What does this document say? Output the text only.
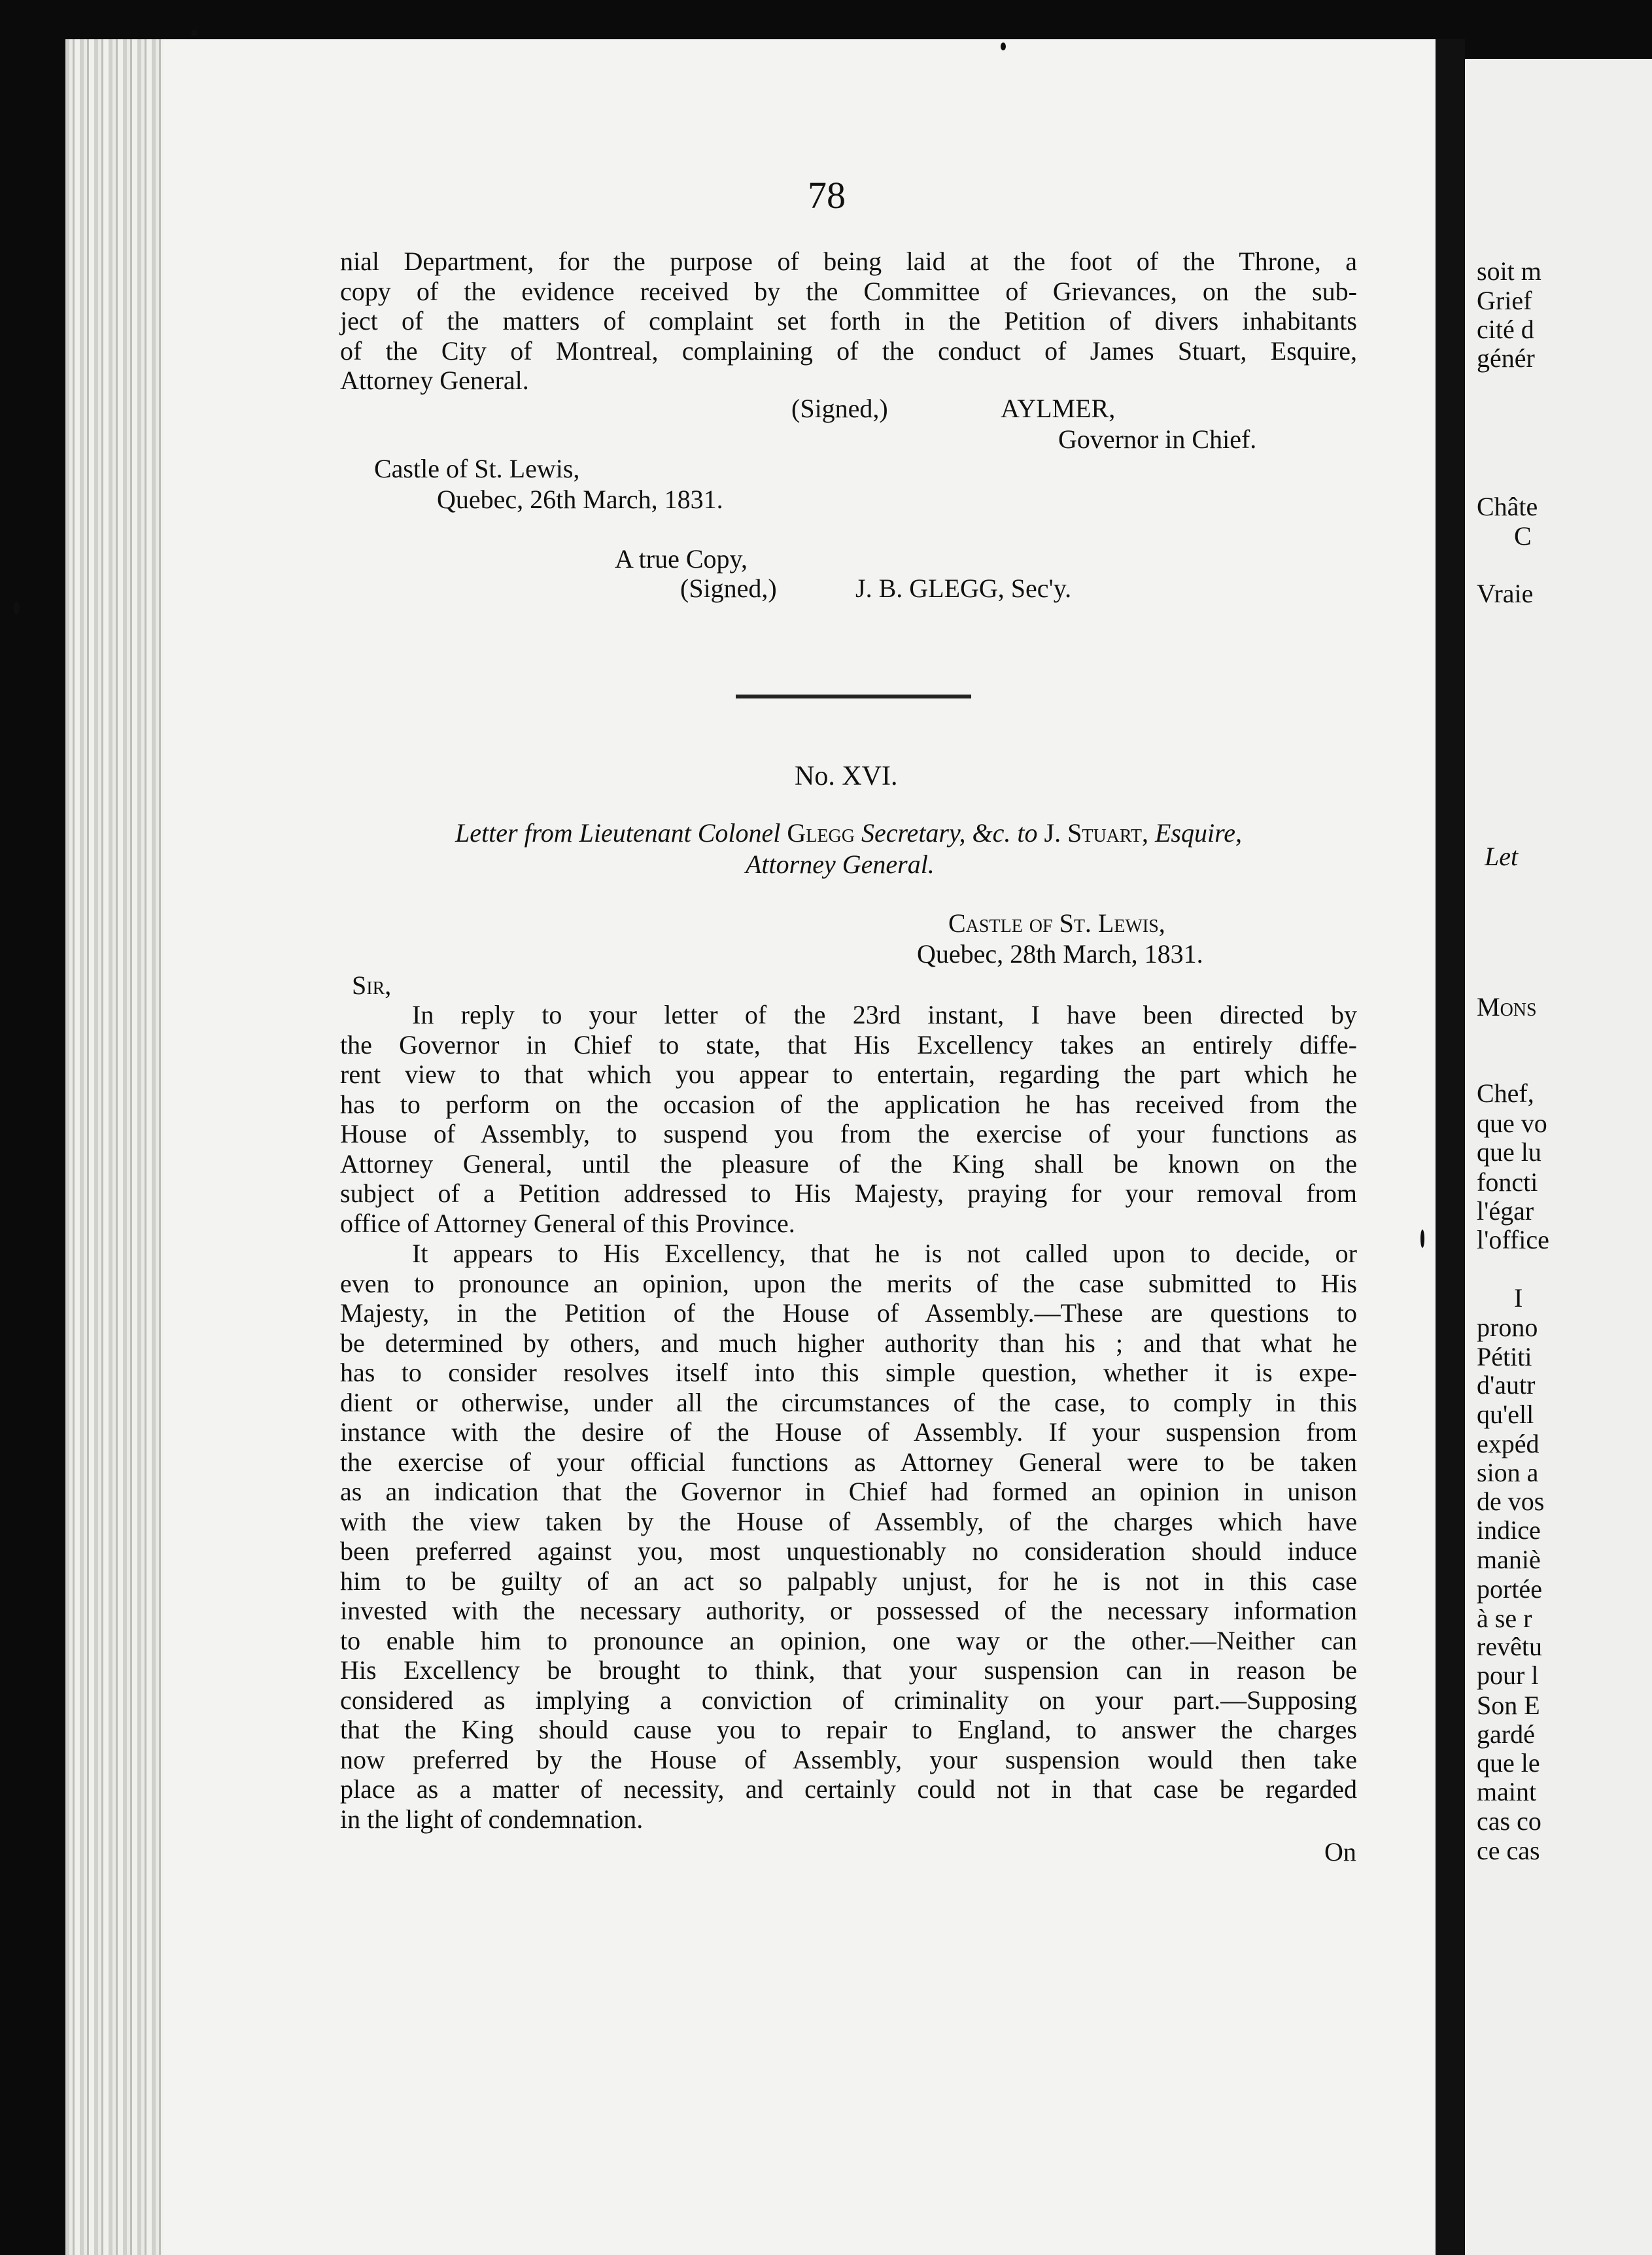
soit m
Grief
cité d
génér
Châte
C
Vraie
Let
Mons
Chef,
que vo
que lu
foncti
l'égar
l'office
I
prono
Pétiti
d'autr
qu'ell
expéd
sion a
de vos
indice
maniè
portée
à se r
revêtu
pour l
Son E
gardé
que le
maint
cas co
ce cas
78
nial Department, for the purpose of being laid at the foot of the Throne, a
copy of the evidence received by the Committee of Grievances, on the sub-
ject of the matters of complaint set forth in the Petition of divers inhabitants
of the City of Montreal, complaining of the conduct of James Stuart, Esquire,
Attorney General.
(Signed,)	AYLMER,
Governor in Chief.
Castle of St. Lewis,
Quebec, 26th March, 1831.
A true Copy,
(Signed,)	J. B. GLEGG, Sec'y.
No. XVI.
Letter from Lieutenant Colonel Glegg Secretary, &c. to J. Stuart, Esquire,
Attorney General.
Castle of St. Lewis,
Quebec, 28th March, 1831.
Sir,
In reply to your letter of the 23rd instant, I have been directed by
the Governor in Chief to state, that His Excellency takes an entirely diffe-
rent view to that which you appear to entertain, regarding the part which he
has to perform on the occasion of the application he has received from the
House of Assembly, to suspend you from the exercise of your functions as
Attorney General, until the pleasure of the King shall be known on the
subject of a Petition addressed to His Majesty, praying for your removal from
office of Attorney General of this Province.
It appears to His Excellency, that he is not called upon to decide, or
even to pronounce an opinion, upon the merits of the case submitted to His
Majesty, in the Petition of the House of Assembly.—These are questions to
be determined by others, and much higher authority than his ; and that what he
has to consider resolves itself into this simple question, whether it is expe-
dient or otherwise, under all the circumstances of the case, to comply in this
instance with the desire of the House of Assembly. If your suspension from
the exercise of your official functions as Attorney General were to be taken
as an indication that the Governor in Chief had formed an opinion in unison
with the view taken by the House of Assembly, of the charges which have
been preferred against you, most unquestionably no consideration should induce
him to be guilty of an act so palpably unjust, for he is not in this case
invested with the necessary authority, or possessed of the necessary information
to enable him to pronounce an opinion, one way or the other.—Neither can
His Excellency be brought to think, that your suspension can in reason be
considered as implying a conviction of criminality on your part.—Supposing
that the King should cause you to repair to England, to answer the charges
now preferred by the House of Assembly, your suspension would then take
place as a matter of necessity, and certainly could not in that case be regarded
in the light of condemnation.
On
